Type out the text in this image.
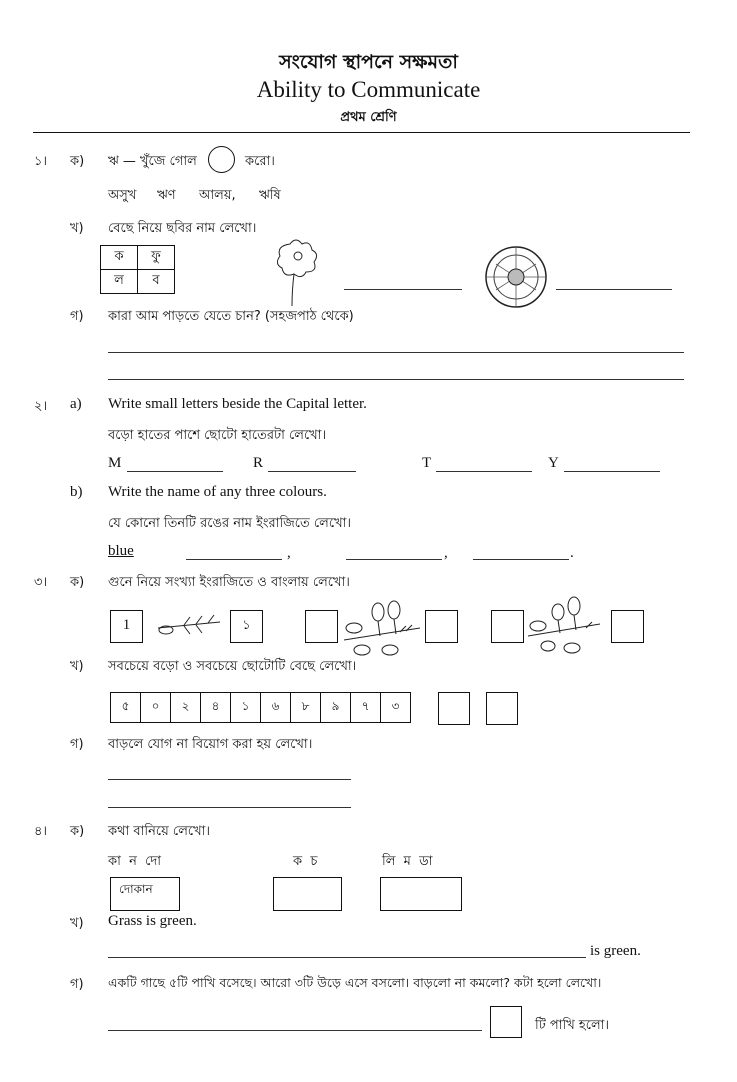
সংযোগ স্থাপনে সক্ষমতা
Ability to Communicate
প্রথম শ্রেণি
১। ক) ঋ — খুঁজে গোল	করো।
অসুখ ঋণ আলয়, ঋষি
খ) বেছে নিয়ে ছবির নাম লেখো।
ক	ফু
ল	ব
গ) কারা আম পাড়তে যেতে চান? (সহজপাঠ থেকে)
২। a) Write small letters beside the Capital letter.
বড়ো হাতের পাশে ছোটো হাতেরটা লেখো।
M	R	T	Y
b) Write the name of any three colours.
যে কোনো তিনটি রঙের নাম ইংরাজিতে লেখো।
blue	,	,	.
৩। ক) গুনে নিয়ে সংখ্যা ইংরাজিতে ও বাংলায় লেখো।
1	১
খ) সবচেয়ে বড়ো ও সবচেয়ে ছোটোটি বেছে লেখো।
৫	০	২	৪	১	৬	৮	৯	৭	৩
গ) বাড়লে যোগ না বিয়োগ করা হয় লেখো।
৪। ক) কথা বানিয়ে লেখো।
কা  ন  দো	ক  চ	লি  ম  ডা
দোকান
খ) Grass is green.
is green.
গ) একটি গাছে ৫টি পাখি বসেছে। আরো ৩টি উড়ে এসে বসলো। বাড়লো না কমলো? কটা হলো লেখো।
টি পাখি হলো।
